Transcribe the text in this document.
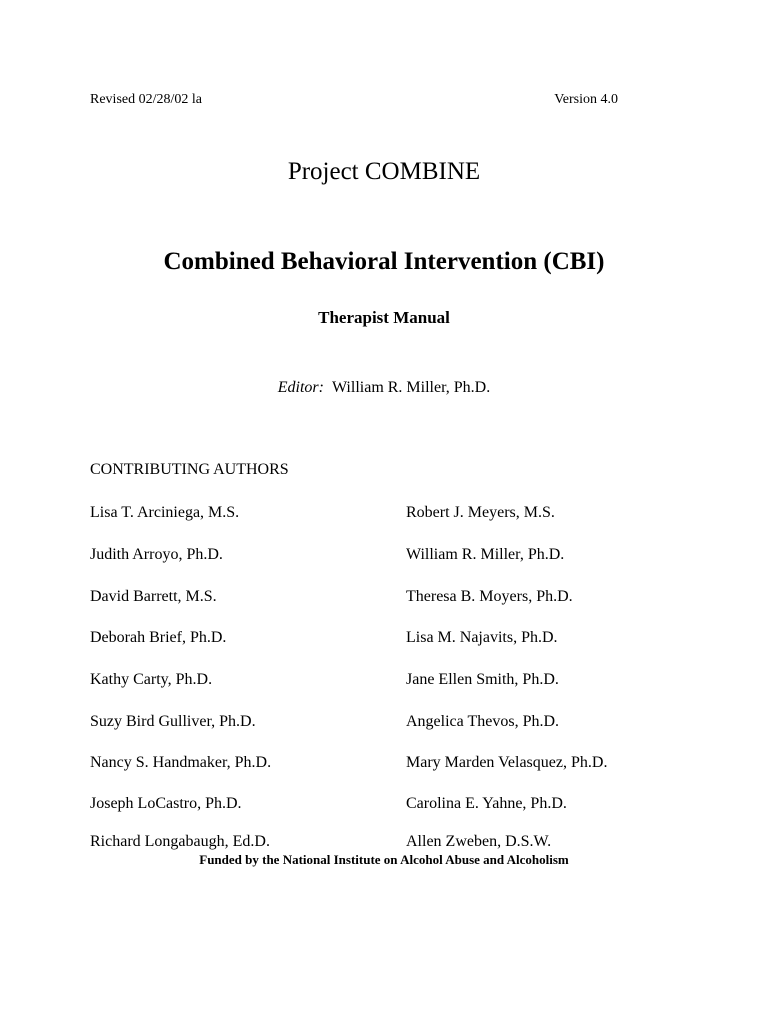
Revised 02/28/02 la	Version 4.0
Project COMBINE
Combined Behavioral Intervention (CBI)
Therapist Manual
Editor: William R. Miller, Ph.D.
CONTRIBUTING AUTHORS
Lisa T. Arciniega, M.S.
Judith Arroyo, Ph.D.
David Barrett, M.S.
Deborah Brief, Ph.D.
Kathy Carty, Ph.D.
Suzy Bird Gulliver, Ph.D.
Nancy S. Handmaker, Ph.D.
Joseph LoCastro, Ph.D.
Richard Longabaugh, Ed.D.
Robert J. Meyers, M.S.
William R. Miller, Ph.D.
Theresa B. Moyers, Ph.D.
Lisa M. Najavits, Ph.D.
Jane Ellen Smith, Ph.D.
Angelica Thevos, Ph.D.
Mary Marden Velasquez, Ph.D.
Carolina E. Yahne, Ph.D.
Allen Zweben, D.S.W.
Funded by the National Institute on Alcohol Abuse and Alcoholism
